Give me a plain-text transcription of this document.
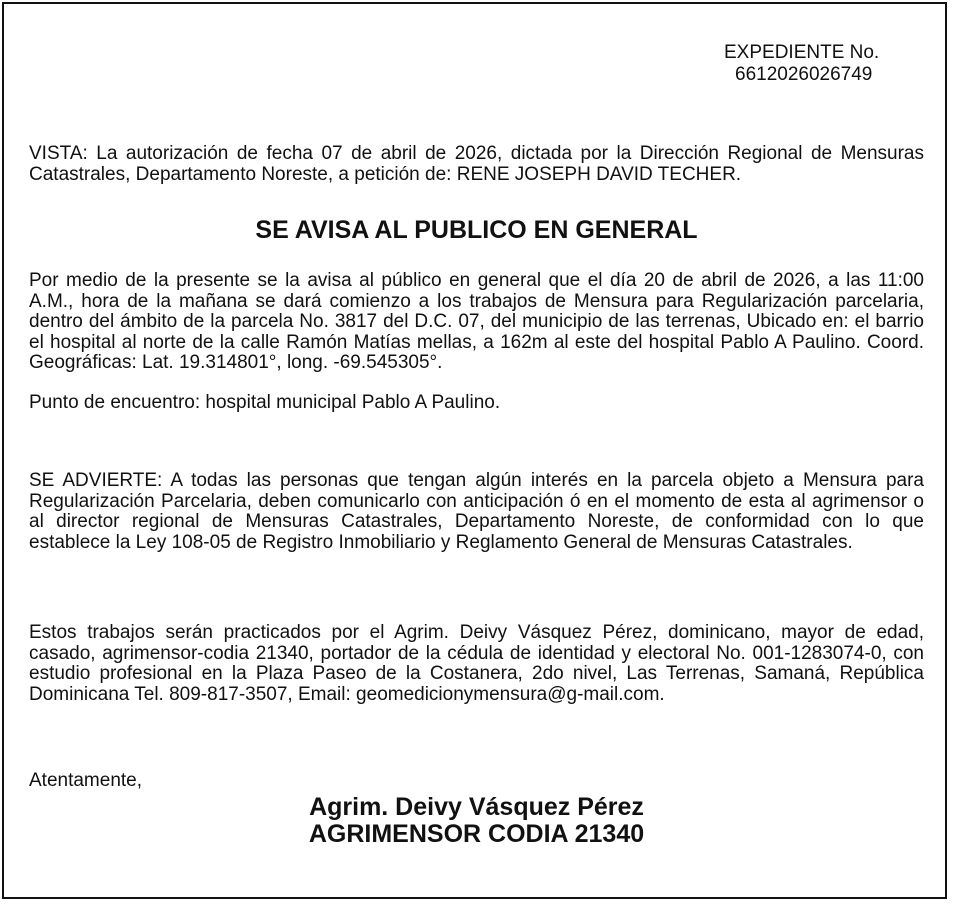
EXPEDIENTE No.
6612026026749

VISTA: La autorización de fecha 07 de abril de 2026, dictada por la Dirección Regional de Mensuras Catastrales, Departamento Noreste, a petición de: RENE JOSEPH DAVID TECHER.

SE AVISA AL PUBLICO EN GENERAL

Por medio de la presente se la avisa al público en general que el día 20 de abril de 2026, a las 11:00 A.M., hora de la mañana se dará comienzo a los trabajos de Mensura para Regularización parcelaria, dentro del ámbito de la parcela No. 3817 del D.C. 07, del municipio de las terrenas, Ubicado en: el barrio el hospital al norte de la calle Ramón Matías mellas, a 162m al este del hospital Pablo A Paulino. Coord. Geográficas: Lat. 19.314801°, long. -69.545305°.

Punto de encuentro: hospital municipal Pablo A Paulino.

SE ADVIERTE: A todas las personas que tengan algún interés en la parcela objeto a Mensura para Regularización Parcelaria, deben comunicarlo con anticipación ó en el momento de esta al agrimensor o al director regional de Mensuras Catastrales, Departamento Noreste, de conformidad con lo que establece la Ley 108-05 de Registro Inmobiliario y Reglamento General de Mensuras Catastrales.

Estos trabajos serán practicados por el Agrim. Deivy Vásquez Pérez, dominicano, mayor de edad, casado, agrimensor-codia 21340, portador de la cédula de identidad y electoral No. 001-1283074-0, con estudio profesional en la Plaza Paseo de la Costanera, 2do nivel, Las Terrenas, Samaná, República Dominicana Tel. 809-817-3507, Email: geomedicionymensura@g-mail.com.

Atentamente,

Agrim. Deivy Vásquez Pérez
AGRIMENSOR CODIA 21340
